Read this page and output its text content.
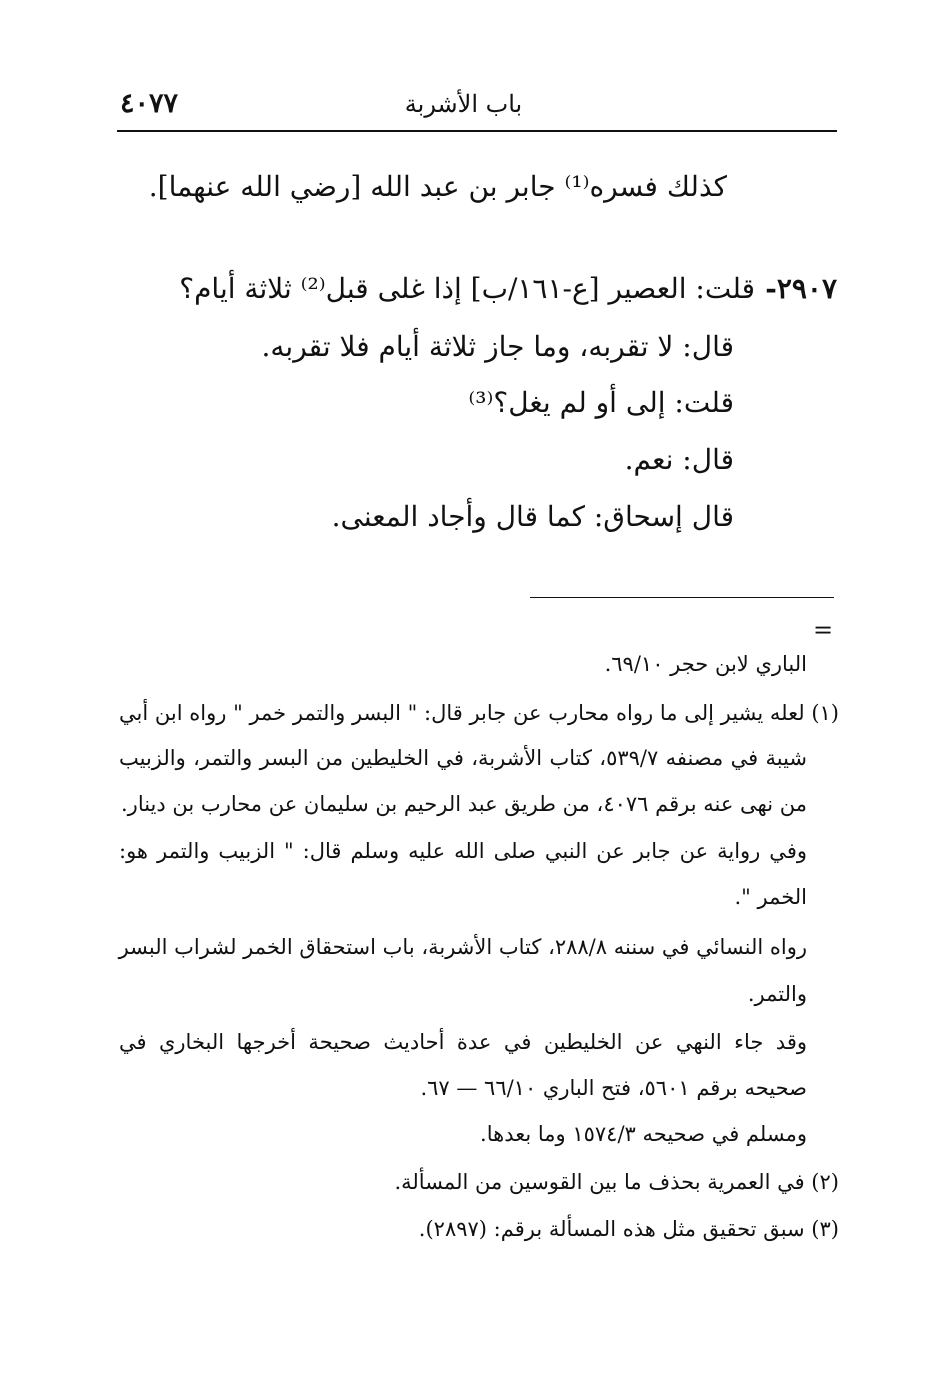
٤٠٧٧	باب الأشربة
كذلك فسره⁽¹⁾ جابر بن عبد الله [رضي الله عنهما].
٢٩٠٧-
قلت: العصير [ع-١٦١/ب] إذا غلى قبل⁽²⁾ ثلاثة أيام؟
قال: لا تقربه، وما جاز ثلاثة أيام فلا تقربه.
قلت: إلى أو لم يغل؟⁽³⁾
قال: نعم.
قال إسحاق: كما قال وأجاد المعنى.
=
الباري لابن حجر ٦٩/١٠.
(١) لعله يشير إلى ما رواه محارب عن جابر قال: " البسر والتمر خمر " رواه ابن أبي
شيبة في مصنفه ٥٣٩/٧، كتاب الأشربة، في الخليطين من البسر والتمر، والزبيب
من نهى عنه برقم ٤٠٧٦، من طريق عبد الرحيم بن سليمان عن محارب بن دينار.
وفي رواية عن جابر عن النبي صلى الله عليه وسلم قال: " الزبيب والتمر هو:
الخمر ".
رواه النسائي في سننه ٢٨٨/٨، كتاب الأشربة، باب استحقاق الخمر لشراب البسر
والتمر.
وقد جاء النهي عن الخليطين في عدة أحاديث صحيحة أخرجها البخاري في
صحيحه برقم ٥٦٠١، فتح الباري ٦٦/١٠ — ٦٧.
ومسلم في صحيحه ١٥٧٤/٣ وما بعدها.
(٢) في العمرية بحذف ما بين القوسين من المسألة.
(٣) سبق تحقيق مثل هذه المسألة برقم: (٢٨٩٧).
